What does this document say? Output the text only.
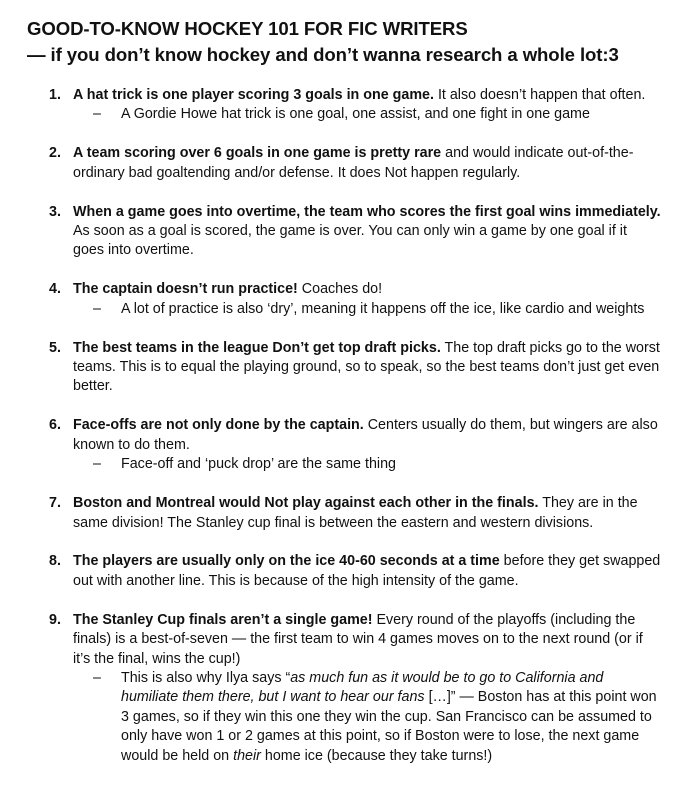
GOOD-TO-KNOW HOCKEY 101 FOR FIC WRITERS

— if you don’t know hockey and don’t wanna research a whole lot:3

1. A hat trick is one player scoring 3 goals in one game. It also doesn’t happen that often.
– A Gordie Howe hat trick is one goal, one assist, and one fight in one game
2. A team scoring over 6 goals in one game is pretty rare and would indicate out-of-the-ordinary bad goaltending and/or defense. It does Not happen regularly.
3. When a game goes into overtime, the team who scores the first goal wins immediately. As soon as a goal is scored, the game is over. You can only win a game by one goal if it goes into overtime.
4. The captain doesn’t run practice! Coaches do!
– A lot of practice is also ‘dry’, meaning it happens off the ice, like cardio and weights
5. The best teams in the league Don’t get top draft picks. The top draft picks go to the worst teams. This is to equal the playing ground, so to speak, so the best teams don’t just get even better.
6. Face-offs are not only done by the captain. Centers usually do them, but wingers are also known to do them.
– Face-off and ‘puck drop’ are the same thing
7. Boston and Montreal would Not play against each other in the finals. They are in the same division! The Stanley cup final is between the eastern and western divisions.
8. The players are usually only on the ice 40-60 seconds at a time before they get swapped out with another line. This is because of the high intensity of the game.
9. The Stanley Cup finals aren’t a single game! Every round of the playoffs (including the finals) is a best-of-seven — the first team to win 4 games moves on to the next round (or if it’s the final, wins the cup!)
– This is also why Ilya says “as much fun as it would be to go to California and humiliate them there, but I want to hear our fans […]” — Boston has at this point won 3 games, so if they win this one they win the cup. San Francisco can be assumed to only have won 1 or 2 games at this point, so if Boston were to lose, the next game would be held on their home ice (because they take turns!)
